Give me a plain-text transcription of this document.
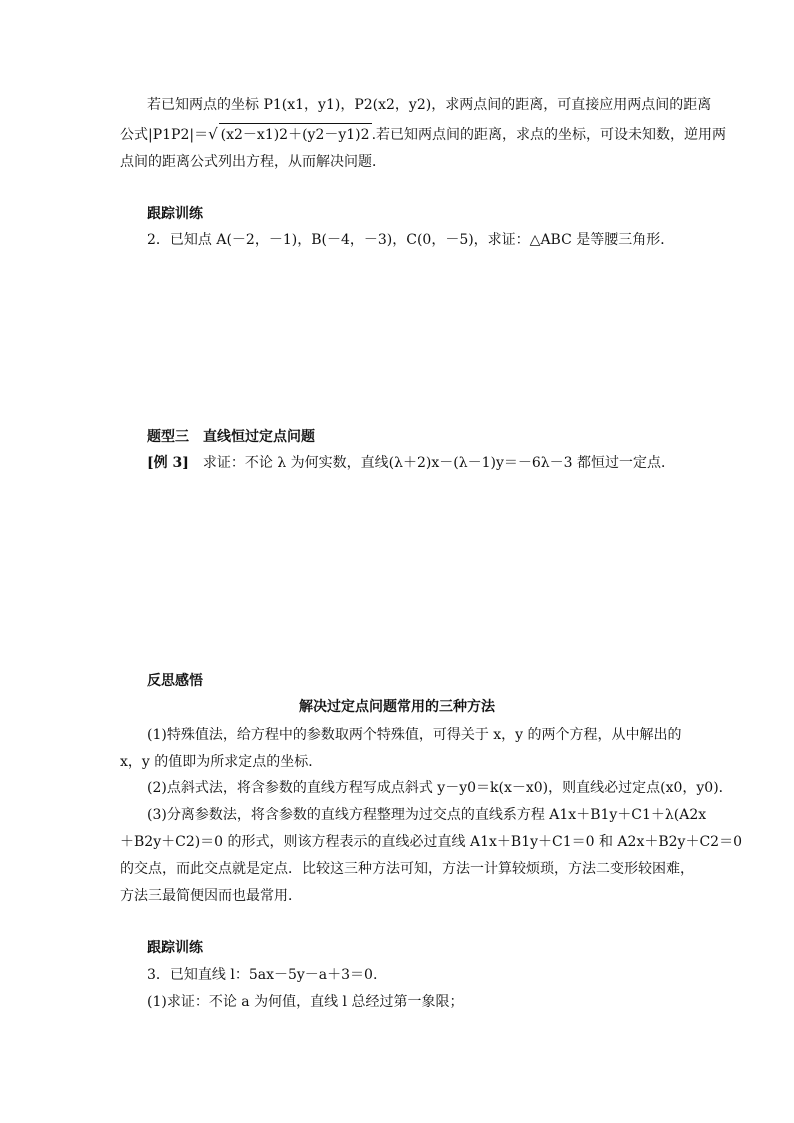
若已知两点的坐标 P1(x1，y1)，P2(x2，y2)，求两点间的距离，可直接应用两点间的距离
公式|P1P2|＝√ (x2－x1)2＋(y2－y1)2 .若已知两点间的距离，求点的坐标，可设未知数，逆用两
点间的距离公式列出方程，从而解决问题．
跟踪训练
2．已知点 A(－2，－1)，B(－4，－3)，C(0，－5)，求证：△ABC 是等腰三角形．
题型三　直线恒过定点问题
[例 3]　求证：不论 λ 为何实数，直线(λ＋2)x－(λ－1)y＝－6λ－3 都恒过一定点．
反思感悟
解决过定点问题常用的三种方法
(1)特殊值法，给方程中的参数取两个特殊值，可得关于 x，y 的两个方程，从中解出的
x，y 的值即为所求定点的坐标．
(2)点斜式法，将含参数的直线方程写成点斜式 y－y0＝k(x－x0)，则直线必过定点(x0，y0)．
(3)分离参数法，将含参数的直线方程整理为过交点的直线系方程 A1x＋B1y＋C1＋λ(A2x
＋B2y＋C2)＝0 的形式，则该方程表示的直线必过直线 A1x＋B1y＋C1＝0 和 A2x＋B2y＋C2＝0
的交点，而此交点就是定点．比较这三种方法可知，方法一计算较烦琐，方法二变形较困难，
方法三最简便因而也最常用．
跟踪训练
3．已知直线 l：5ax－5y－a＋3＝0.
(1)求证：不论 a 为何值，直线 l 总经过第一象限；
